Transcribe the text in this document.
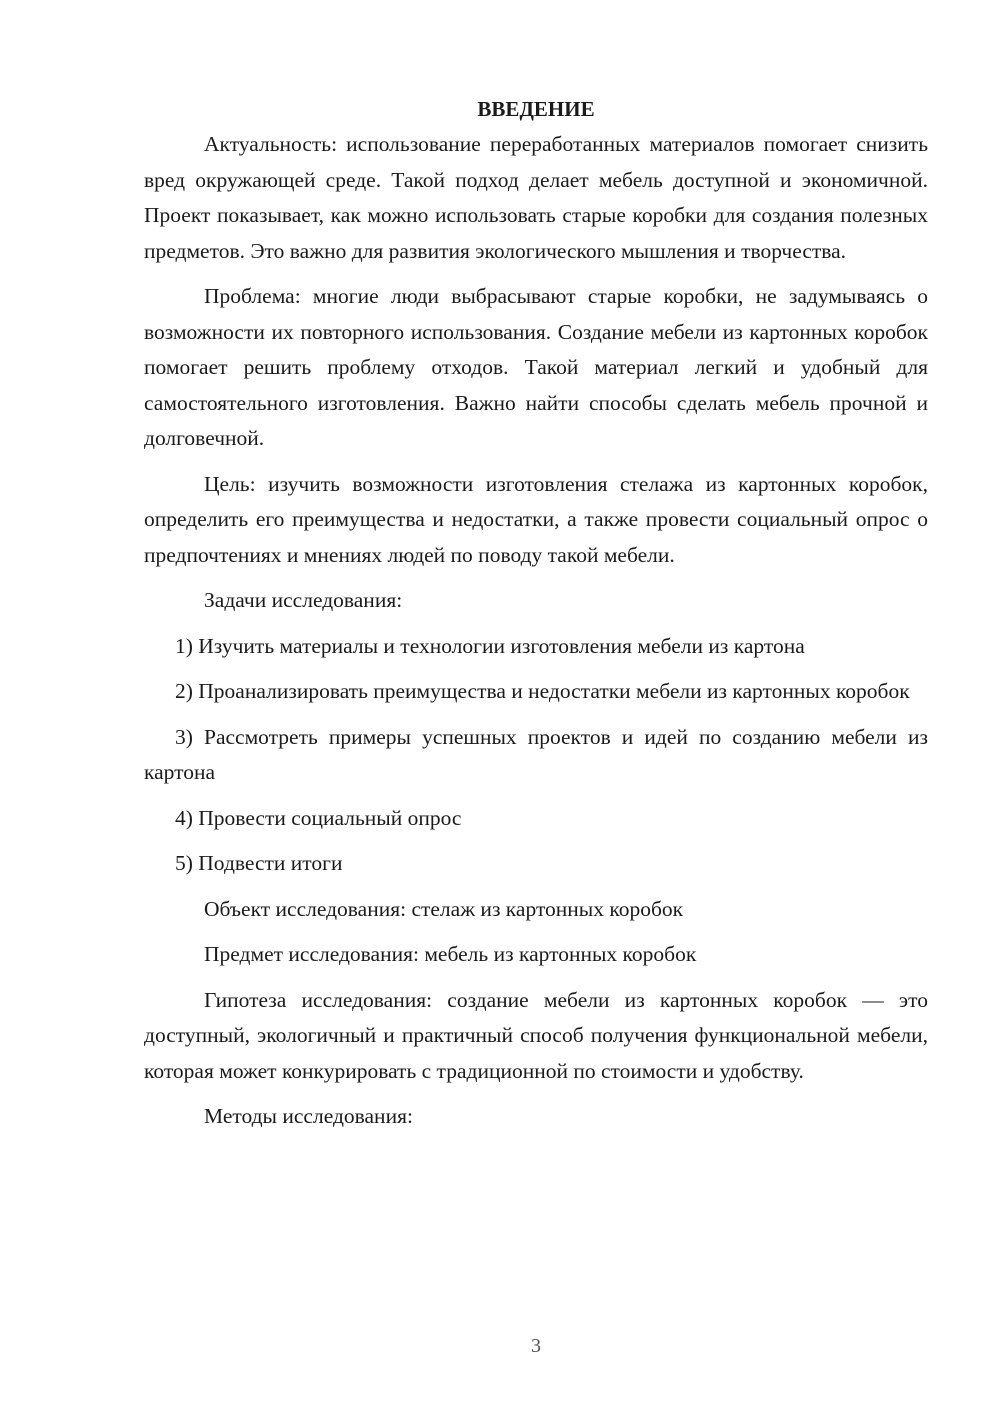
ВВЕДЕНИЕ

Актуальность: использование переработанных материалов помогает снизить вред окружающей среде. Такой подход делает мебель доступной и экономичной. Проект показывает, как можно использовать старые коробки для создания полезных предметов. Это важно для развития экологического мышления и творчества.

Проблема: многие люди выбрасывают старые коробки, не задумываясь о возможности их повторного использования. Создание мебели из картонных коробок помогает решить проблему отходов. Такой материал легкий и удобный для самостоятельного изготовления. Важно найти способы сделать мебель прочной и долговечной.

Цель: изучить возможности изготовления стелажа из картонных коробок, определить его преимущества и недостатки, а также провести социальный опрос о предпочтениях и мнениях людей по поводу такой мебели.

Задачи исследования:

1) Изучить материалы и технологии изготовления мебели из картона

2) Проанализировать преимущества и недостатки мебели из картонных коробок

3) Рассмотреть примеры успешных проектов и идей по созданию мебели из картона

4) Провести социальный опрос

5) Подвести итоги

Объект исследования: стелаж из картонных коробок

Предмет исследования: мебель из картонных коробок

Гипотеза исследования: создание мебели из картонных коробок — это доступный, экологичный и практичный способ получения функциональной мебели, которая может конкурировать с традиционной по стоимости и удобству.

Методы исследования:

3
